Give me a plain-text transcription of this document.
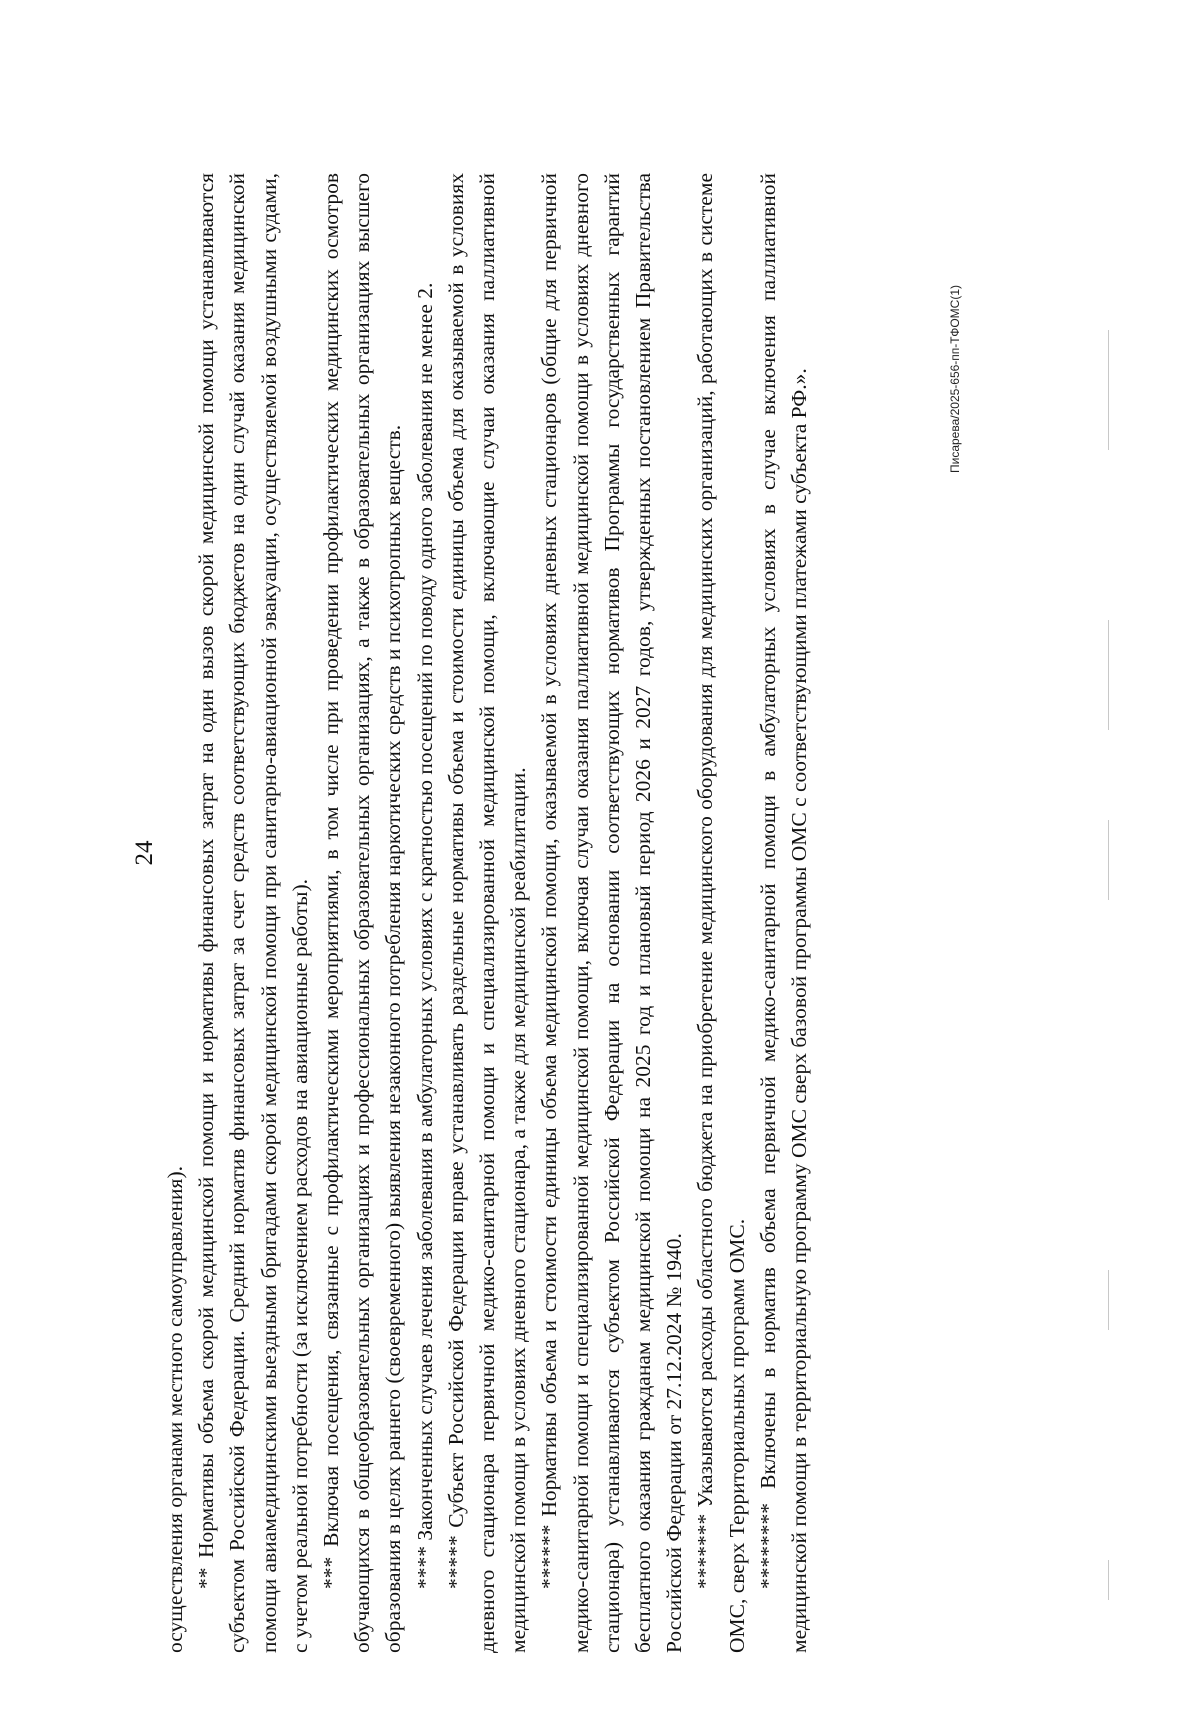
24

осуществления органами местного самоуправления). ** Нормативы объема скорой медицинской помощи и нормативы финансовых затрат на один вызов скорой медицинской помощи устанавливаются субъектом Российской Федерации. Средний норматив финансовых затрат за счет средств соответствующих бюджетов на один случай оказания медицинской помощи авиамедицинскими выездными бригадами скорой медицинской помощи при санитарно-авиационной эвакуации, осуществляемой воздушными судами, с учетом реальной потребности (за исключением расходов на авиационные работы). *** Включая посещения, связанные с профилактическими мероприятиями, в том числе при проведении профилактических медицинских осмотров обучающихся в общеобразовательных организациях и профессиональных образовательных организациях, а также в образовательных организациях высшего образования в целях раннего (своевременного) выявления незаконного потребления наркотических средств и психотропных веществ. **** Законченных случаев лечения заболевания в амбулаторных условиях с кратностью посещений по поводу одного заболевания не менее 2. ***** Субъект Российской Федерации вправе устанавливать раздельные нормативы объема и стоимости единицы объема для оказываемой в условиях дневного стационара первичной медико-санитарной помощи и специализированной медицинской помощи, включающие случаи оказания паллиативной медицинской помощи в условиях дневного стационара, а также для медицинской реабилитации. ****** Нормативы объема и стоимости единицы объема медицинской помощи, оказываемой в условиях дневных стационаров (общие для первичной медико-санитарной помощи и специализированной медицинской помощи, включая случаи оказания паллиативной медицинской помощи в условиях дневного стационара) устанавливаются субъектом Российской Федерации на основании соответствующих нормативов Программы государственных гарантий бесплатного оказания гражданам медицинской помощи на 2025 год и плановый период 2026 и 2027 годов, утвержденных постановлением Правительства Российской Федерации от 27.12.2024 № 1940. ******* Указываются расходы областного бюджета на приобретение медицинского оборудования для медицинских организаций, работающих в системе ОМС, сверх Территориальных программ ОМС. ******** Включены в норматив объема первичной медико-санитарной помощи в амбулаторных условиях в случае включения паллиативной медицинской помощи в территориальную программу ОМС сверх базовой программы ОМС с соответствующими платежами субъекта РФ.».	Писарева/2025-656-пп-ТФОМС(1)
